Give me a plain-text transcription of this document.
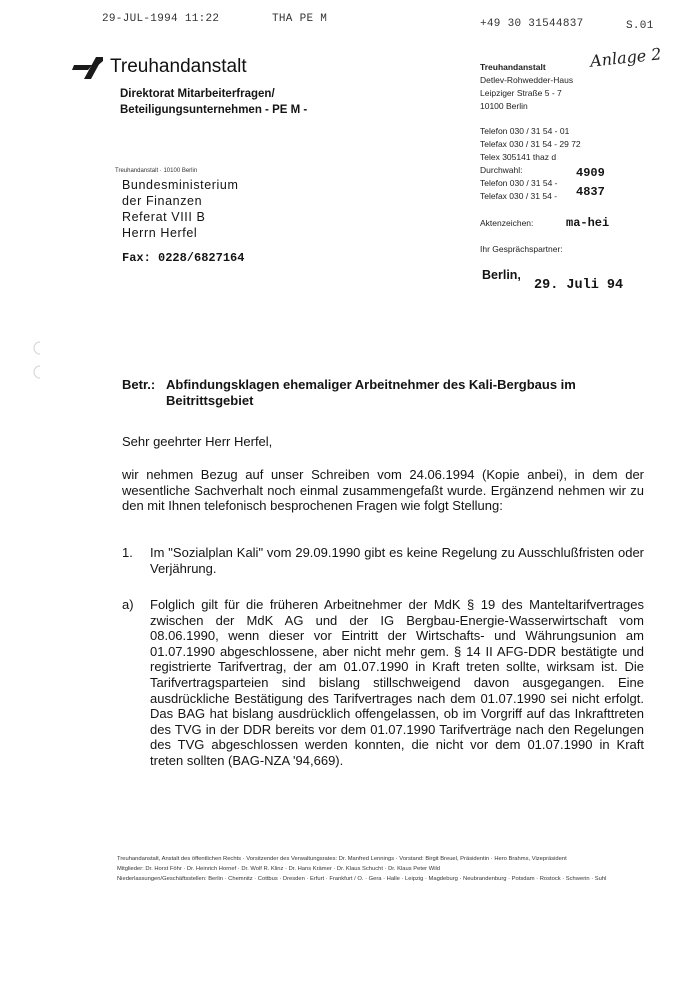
29-JUL-1994 11:22	THA PE M	+49 30 31544837	S.01
Anlage 2
Treuhandanstalt
Direktorat Mitarbeiterfragen/
Beteiligungsunternehmen - PE M -
Treuhandanstalt
Detlev-Rohwedder-Haus
Leipziger Straße 5 - 7
10100 Berlin
Telefon 030 / 31 54 - 01
Telefax 030 / 31 54 - 29 72
Telex 305141 thaz d
Durchwahl:
Telefon 030 / 31 54 -
4909
Telefax 030 / 31 54 - 4837
Aktenzeichen:	ma-hei
Ihr Gesprächspartner:
Berlin,
29. Juli 94
Treuhandanstalt · 10100 Berlin
Bundesministerium
der Finanzen
Referat VIII B
Herrn Herfel
Fax: 0228/6827164
Betr.: Abfindungsklagen ehemaliger Arbeitnehmer des Kali-Bergbaus im
Beitrittsgebiet
Sehr geehrter Herr Herfel,
wir nehmen Bezug auf unser Schreiben vom 24.06.1994 (Kopie anbei), in dem der wesentliche Sachverhalt noch einmal zusammengefaßt wurde. Ergänzend nehmen wir zu den mit Ihnen telefonisch besprochenen Fragen wie folgt Stellung:
1. Im "Sozialplan Kali" vom 29.09.1990 gibt es keine Regelung zu Ausschlußfristen oder Verjährung.
a) Folglich gilt für die früheren Arbeitnehmer der MdK § 19 des Manteltarifvertrages zwischen der MdK AG und der IG Bergbau-Energie-Wasserwirtschaft vom 08.06.1990, wenn dieser vor Eintritt der Wirtschafts- und Währungsunion am 01.07.1990 abgeschlossene, aber nicht mehr gem. § 14 II AFG-DDR bestätigte und registrierte Tarifvertrag, der am 01.07.1990 in Kraft treten sollte, wirksam ist. Die Tarifvertragsparteien sind bislang stillschweigend davon ausgegangen. Eine ausdrückliche Bestätigung des Tarifvertrages nach dem 01.07.1990 sei nicht erfolgt. Das BAG hat bislang ausdrücklich offengelassen, ob im Vorgriff auf das Inkrafttreten des TVG in der DDR bereits vor dem 01.07.1990 Tarifverträge nach den Regelungen des TVG abgeschlossen werden konnten, die nicht vor dem 01.07.1990 in Kraft treten sollten (BAG-NZA '94,669).
Treuhandanstalt, Anstalt des öffentlichen Rechts · Vorsitzender des Verwaltungsrates: Dr. Manfred Lennings · Vorstand: Birgit Breuel, Präsidentin · Hero Brahms, Vizepräsident
Mitglieder: Dr. Horst Föhr · Dr. Heinrich Hornef · Dr. Wolf R. Klinz · Dr. Hans Krämer · Dr. Klaus Schucht · Dr. Klaus Peter Wild
Niederlassungen/Geschäftsstellen: Berlin · Chemnitz · Cottbus · Dresden · Erfurt · Frankfurt / O. · Gera · Halle · Leipzig · Magdeburg · Neubrandenburg · Potsdam · Rostock · Schwerin · Suhl
